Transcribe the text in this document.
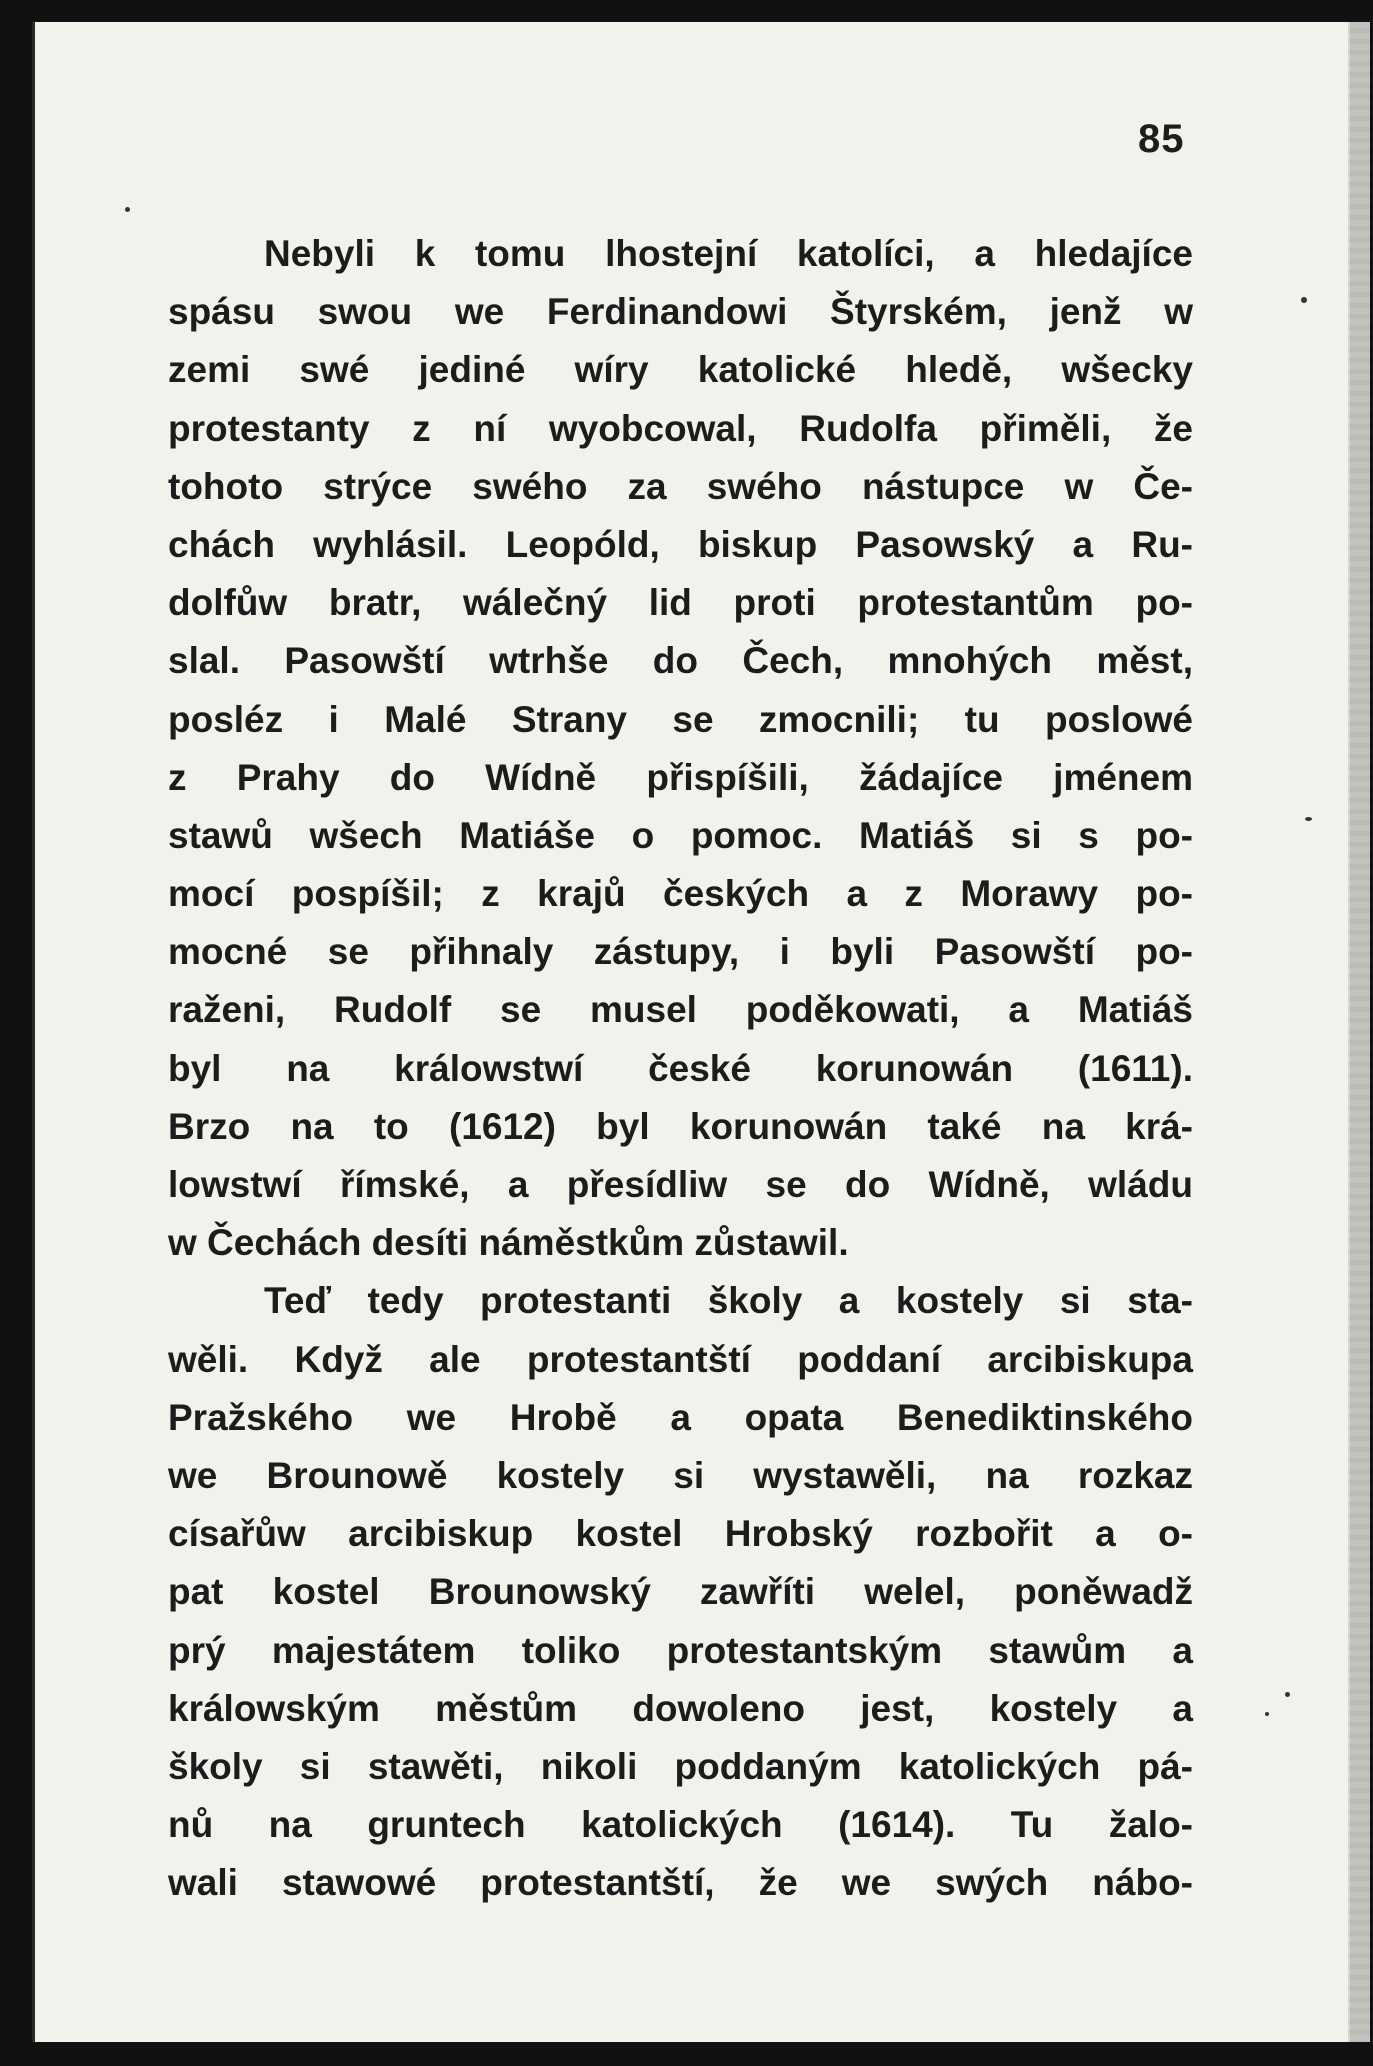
85
Nebyli k tomu lhostejní katolíci, a hledajíce
spásu swou we Ferdinandowi Štyrském, jenž w
zemi swé jediné wíry katolické hledě, wšecky
protestanty z ní wyobcowal, Rudolfa přiměli, že
tohoto strýce swého za swého nástupce w Če-
chách wyhlásil. Leopóld, biskup Pasowský a Ru-
dolfůw bratr, wálečný lid proti protestantům po-
slal. Pasowští wtrhše do Čech, mnohých měst,
posléz i Malé Strany se zmocnili; tu poslowé
z Prahy do Wídně přispíšili, žádajíce jménem
stawů wšech Matiáše o pomoc. Matiáš si s po-
mocí pospíšil; z krajů českých a z Morawy po-
mocné se přihnaly zástupy, i byli Pasowští po-
raženi, Rudolf se musel poděkowati, a Matiáš
byl na králowstwí české korunowán (1611).
Brzo na to (1612) byl korunowán také na krá-
lowstwí římské, a přesídliw se do Wídně, wládu
w Čechách desíti náměstkům zůstawil.
Teď tedy protestanti školy a kostely si sta-
wěli. Když ale protestantští poddaní arcibiskupa
Pražského we Hrobě a opata Benediktinského
we Brounowě kostely si wystawěli, na rozkaz
císařůw arcibiskup kostel Hrobský rozbořit a o-
pat kostel Brounowský zawříti welel, poněwadž
prý majestátem toliko protestantským stawům a
králowským městům dowoleno jest, kostely a
školy si stawěti, nikoli poddaným katolických pá-
nů na gruntech katolických (1614). Tu žalo-
wali stawowé protestantští, že we swých nábo-
